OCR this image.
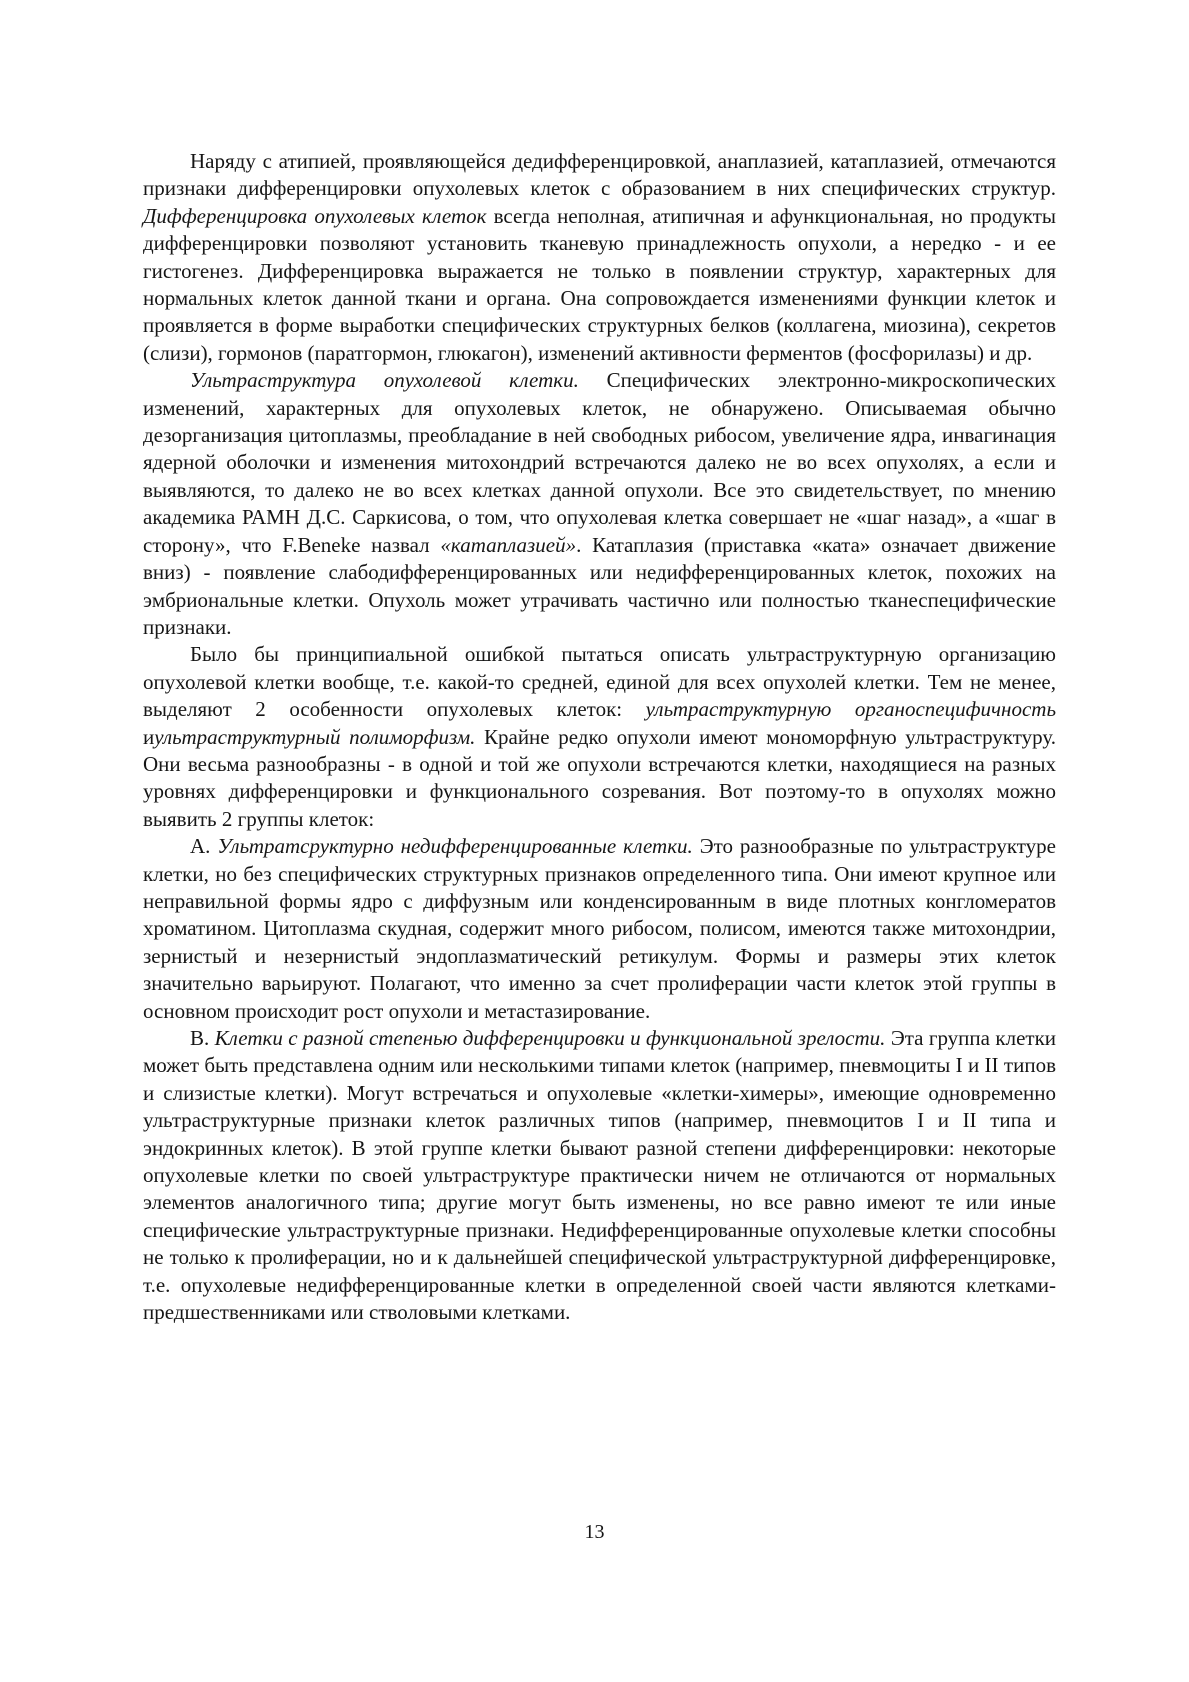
Наряду с атипией, проявляющейся дедифференцировкой, анаплазией, катаплазией, отмечаются признаки дифференцировки опухолевых клеток с образованием в них специфических структур. Дифференцировка опухолевых клеток всегда неполная, атипичная и афункциональная, но продукты дифференцировки позволяют установить тканевую принадлежность опухоли, а нередко - и ее гистогенез. Дифференцировка выражается не только в появлении структур, характерных для нормальных клеток данной ткани и органа. Она сопровождается изменениями функции клеток и проявляется в форме выработки специфических структурных белков (коллагена, миозина), секретов (слизи), гормонов (паратгормон, глюкагон), изменений активности ферментов (фосфорилазы) и др.

Ультраструктура опухолевой клетки. Специфических электронно-микроскопических изменений, характерных для опухолевых клеток, не обнаружено. Описываемая обычно дезорганизация цитоплазмы, преобладание в ней свободных рибосом, увеличение ядра, инвагинация ядерной оболочки и изменения митохондрий встречаются далеко не во всех опухолях, а если и выявляются, то далеко не во всех клетках данной опухоли. Все это свидетельствует, по мнению академика РАМН Д.С. Саркисова, о том, что опухолевая клетка совершает не «шаг назад», а «шаг в сторону», что F.Beneke назвал «катаплазией». Катаплазия (приставка «ката» означает движение вниз) - появление слабодифференцированных или недифференцированных клеток, похожих на эмбриональные клетки. Опухоль может утрачивать частично или полностью тканеспецифические признаки.

Было бы принципиальной ошибкой пытаться описать ультраструктурную организацию опухолевой клетки вообще, т.е. какой-то средней, единой для всех опухолей клетки. Тем не менее, выделяют 2 особенности опухолевых клеток: ультраструктурную органоспецифичность иультраструктурный полиморфизм. Крайне редко опухоли имеют мономорфную ультраструктуру. Они весьма разнообразны - в одной и той же опухоли встречаются клетки, находящиеся на разных уровнях дифференцировки и функционального созревания. Вот поэтому-то в опухолях можно выявить 2 группы клеток:

А. Ультратсруктурно недифференцированные клетки. Это разнообразные по ультраструктуре клетки, но без специфических структурных признаков определенного типа. Они имеют крупное или неправильной формы ядро с диффузным или конденсированным в виде плотных конгломератов хроматином. Цитоплазма скудная, содержит много рибосом, полисом, имеются также митохондрии, зернистый и незернистый эндоплазматический ретикулум. Формы и размеры этих клеток значительно варьируют. Полагают, что именно за счет пролиферации части клеток этой группы в основном происходит рост опухоли и метастазирование.

В. Клетки с разной степенью дифференцировки и функциональной зрелости. Эта группа клетки может быть представлена одним или несколькими типами клеток (например, пневмоциты I и II типов и слизистые клетки). Могут встречаться и опухолевые «клетки-химеры», имеющие одновременно ультраструктурные признаки клеток различных типов (например, пневмоцитов I и II типа и эндокринных клеток). В этой группе клетки бывают разной степени дифференцировки: некоторые опухолевые клетки по своей ультраструктуре практически ничем не отличаются от нормальных элементов аналогичного типа; другие могут быть изменены, но все равно имеют те или иные специфические ультраструктурные признаки. Недифференцированные опухолевые клетки способны не только к пролиферации, но и к дальнейшей специфической ультраструктурной дифференцировке, т.е. опухолевые недифференцированные клетки в определенной своей части являются клетками-предшественниками или стволовыми клетками.

13
